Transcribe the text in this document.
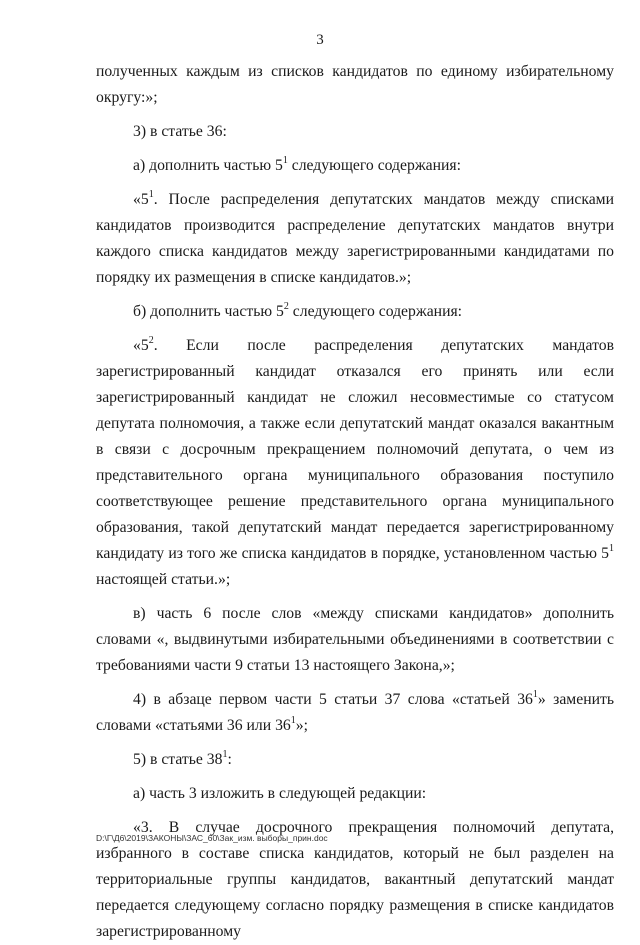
3

полученных каждым из списков кандидатов по единому избирательному округу:»;

3) в статье 36:

а) дополнить частью $5^1$ следующего содержания:

«$5^1$. После распределения депутатских мандатов между списками кандидатов производится распределение депутатских мандатов внутри каждого списка кандидатов между зарегистрированными кандидатами по порядку их размещения в списке кандидатов.»;

б) дополнить частью $5^2$ следующего содержания:

«$5^2$. Если после распределения депутатских мандатов зарегистрированный кандидат отказался его принять или если зарегистрированный кандидат не сложил несовместимые со статусом депутата полномочия, а также если депутатский мандат оказался вакантным в связи с досрочным прекращением полномочий депутата, о чем из представительного органа муниципального образования поступило соответствующее решение представительного органа муниципального образования, такой депутатский мандат передается зарегистрированному кандидату из того же списка кандидатов в порядке, установленном частью $5^1$ настоящей статьи.»;

в) часть 6 после слов «между списками кандидатов» дополнить словами «, выдвинутыми избирательными объединениями в соответствии с требованиями части 9 статьи 13 настоящего Закона,»;

4) в абзаце первом части 5 статьи 37 слова «статьей $36^1$» заменить словами «статьями 36 или $36^1$»;

5) в статье $38^1$:

а) часть 3 изложить в следующей редакции:

«3. В случае досрочного прекращения полномочий депутата, избранного в составе списка кандидатов, который не был разделен на территориальные группы кандидатов, вакантный депутатский мандат передается следующему согласно порядку размещения в списке кандидатов зарегистрированному

D:\Г\Д6\2019\ЗАКОНЫ\ЗАС_60\Зак_изм. выборы_прин.doc
